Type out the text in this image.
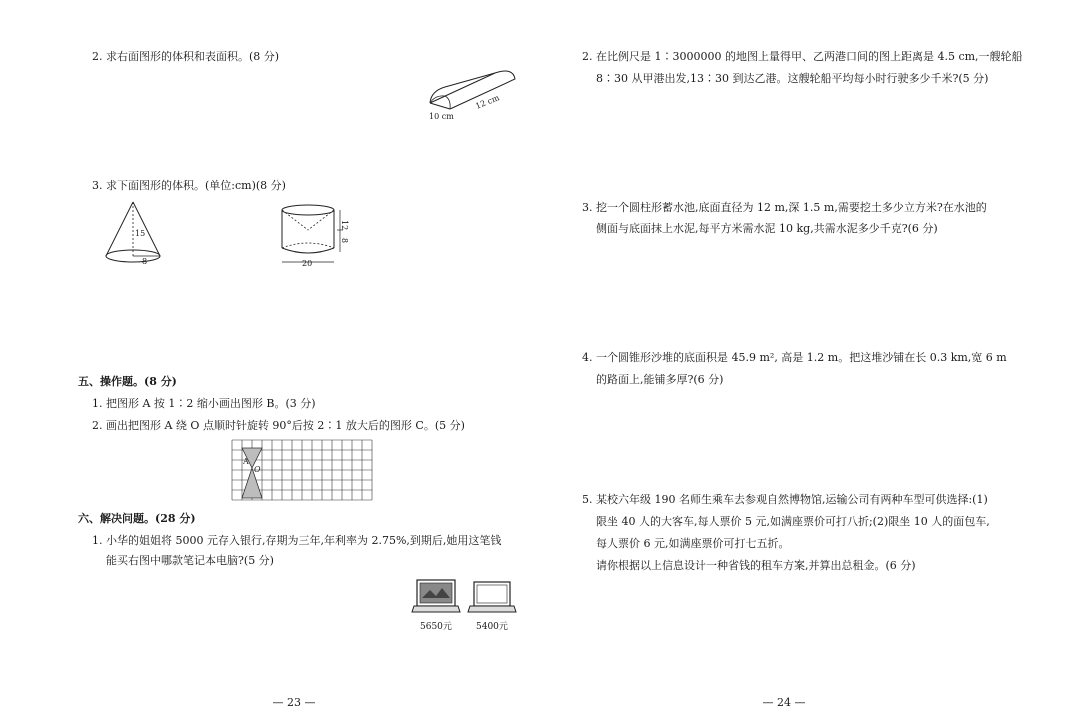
2. 求右面图形的体积和表面积。(8 分)
12 cm
10 cm
3. 求下面图形的体积。(单位:cm)(8 分)
15
8
12
8
20
五、操作题。(8 分)
1. 把图形 A 按 1∶2 缩小画出图形 B。(3 分)
2. 画出把图形 A 绕 O 点顺时针旋转 90°后按 2∶1 放大后的图形 C。(5 分)
A
O
六、解决问题。(28 分)
1. 小华的姐姐将 5000 元存入银行,存期为三年,年利率为 2.75%,到期后,她用这笔钱
能买右图中哪款笔记本电脑?(5 分)
5650元	5400元
— 23 —
2. 在比例尺是 1∶3000000 的地图上量得甲、乙两港口间的图上距离是 4.5 cm,一艘轮船
8∶30 从甲港出发,13∶30 到达乙港。这艘轮船平均每小时行驶多少千米?(5 分)
3. 挖一个圆柱形蓄水池,底面直径为 12 m,深 1.5 m,需要挖土多少立方米?在水池的
侧面与底面抹上水泥,每平方米需水泥 10 kg,共需水泥多少千克?(6 分)
4. 一个圆锥形沙堆的底面积是 45.9 m², 高是 1.2 m。把这堆沙铺在长 0.3 km,宽 6 m
的路面上,能铺多厚?(6 分)
5. 某校六年级 190 名师生乘车去参观自然博物馆,运输公司有两种车型可供选择:(1)
限坐 40 人的大客车,每人票价 5 元,如满座票价可打八折;(2)限坐 10 人的面包车,
每人票价 6 元,如满座票价可打七五折。
请你根据以上信息设计一种省钱的租车方案,并算出总租金。(6 分)
— 24 —
